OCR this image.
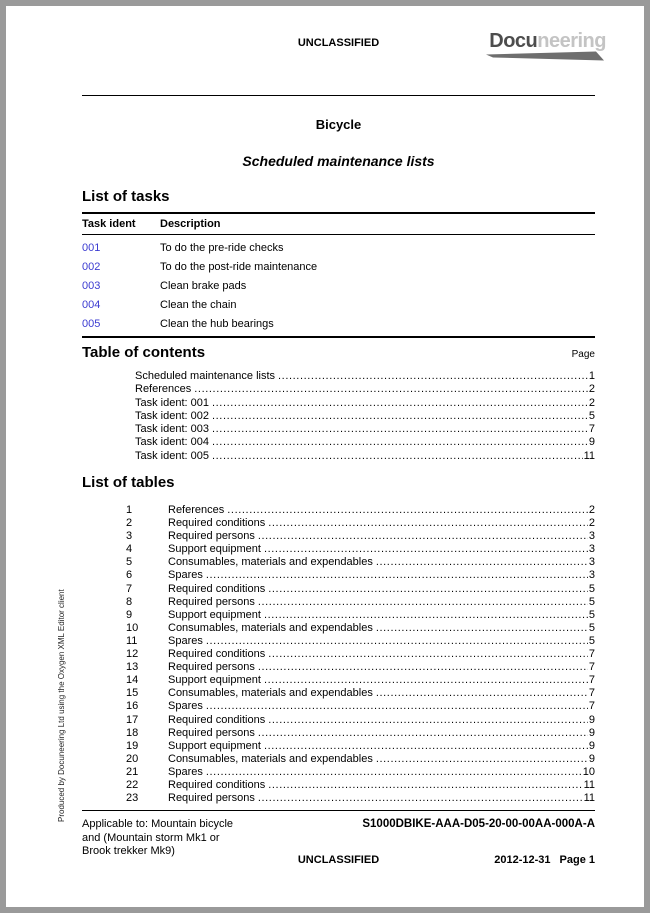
UNCLASSIFIED	Docuneering
Bicycle
Scheduled maintenance lists
List of tasks
Task ident	Description
001	To do the pre-ride checks
002	To do the post-ride maintenance
003	Clean brake pads
004	Clean the chain
005	Clean the hub bearings
Table of contents	Page
Scheduled maintenance lists .....	1
References .....	2
Task ident: 001 .....	2
Task ident: 002 .....	5
Task ident: 003 .....	7
Task ident: 004 .....	9
Task ident: 005 .....	11
List of tables
1	References .....	2
2	Required conditions .....	2
3	Required persons .....	3
4	Support equipment .....	3
5	Consumables, materials and expendables .....	3
6	Spares .....	3
7	Required conditions .....	5
8	Required persons .....	5
9	Support equipment .....	5
10	Consumables, materials and expendables .....	5
11	Spares .....	5
12	Required conditions .....	7
13	Required persons .....	7
14	Support equipment .....	7
15	Consumables, materials and expendables .....	7
16	Spares .....	7
17	Required conditions .....	9
18	Required persons .....	9
19	Support equipment .....	9
20	Consumables, materials and expendables .....	9
21	Spares .....	10
22	Required conditions .....	11
23	Required persons .....	11
Produced by Docuneering Ltd using the Oxygen XML Editor client
Applicable to: Mountain bicycle
and (Mountain storm Mk1 or
Brook trekker Mk9)
S1000DBIKE-AAA-D05-20-00-00AA-000A-A
UNCLASSIFIED	2012-12-31 Page 1
